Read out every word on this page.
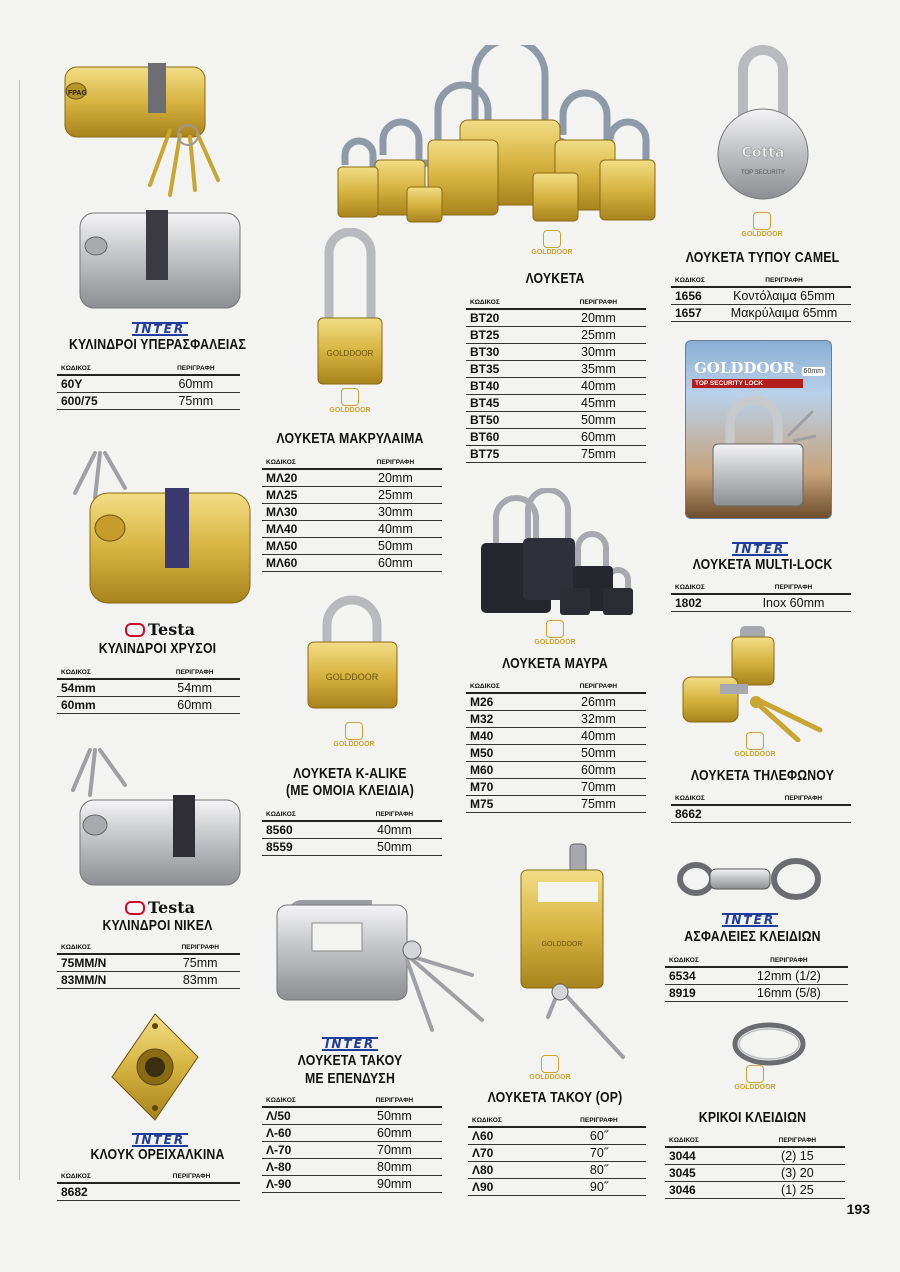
FPAG
INTER
ΚΥΛΙΝΔΡΟΙ ΥΠΕΡΑΣΦΑΛΕΙΑΣ
ΚΩΔΙΚΟΣ	ΠΕΡΙΓΡΑΦΗ
60Y	60mm
600/75	75mm
Testa
ΚΥΛΙΝΔΡΟΙ ΧΡΥΣΟΙ
ΚΩΔΙΚΟΣ	ΠΕΡΙΓΡΑΦΗ
54mm	54mm
60mm	60mm
Testa
ΚΥΛΙΝΔΡΟΙ ΝΙΚΕΛ
ΚΩΔΙΚΟΣ	ΠΕΡΙΓΡΑΦΗ
75MM/N	75mm
83MM/N	83mm
INTER
ΚΛΟΥΚ ΟΡΕΙΧΑΛΚΙΝΑ
ΚΩΔΙΚΟΣ	ΠΕΡΙΓΡΑΦΗ
8682	
GOLDDOOR
GOLDDOOR
ΛΟΥΚΕΤΑ ΜΑΚΡΥΛΑΙΜΑ
ΚΩΔΙΚΟΣ	ΠΕΡΙΓΡΑΦΗ
ΜΛ20	20mm
ΜΛ25	25mm
ΜΛ30	30mm
ΜΛ40	40mm
ΜΛ50	50mm
ΜΛ60	60mm
GOLDDOOR
GOLDDOOR
ΛΟΥΚΕΤΑ K-ALIKE
(ΜΕ ΟΜΟΙΑ ΚΛΕΙΔΙΑ)
ΚΩΔΙΚΟΣ	ΠΕΡΙΓΡΑΦΗ
8560	40mm
8559	50mm
INTER
ΛΟΥΚΕΤΑ ΤΑΚΟΥ
ΜΕ ΕΠΕΝΔΥΣΗ
ΚΩΔΙΚΟΣ	ΠΕΡΙΓΡΑΦΗ
Λ/50	50mm
Λ-60	60mm
Λ-70	70mm
Λ-80	80mm
Λ-90	90mm
GOLDDOOR
ΛΟΥΚΕΤΑ
ΚΩΔΙΚΟΣ	ΠΕΡΙΓΡΑΦΗ
BT20	20mm
BT25	25mm
BT30	30mm
BT35	35mm
BT40	40mm
BT45	45mm
BT50	50mm
BT60	60mm
BT75	75mm
GOLDDOOR
ΛΟΥΚΕΤΑ ΜΑΥΡΑ
ΚΩΔΙΚΟΣ	ΠΕΡΙΓΡΑΦΗ
M26	26mm
M32	32mm
M40	40mm
M50	50mm
M60	60mm
M70	70mm
M75	75mm
GOLDDOOR
GOLDDOOR
ΛΟΥΚΕΤΑ ΤΑΚΟΥ (OP)
ΚΩΔΙΚΟΣ	ΠΕΡΙΓΡΑΦΗ
Λ60	60˝
Λ70	70˝
Λ80	80˝
Λ90	90˝
Cotta
TOP SECURITY
GOLDDOOR
ΛΟΥΚΕΤΑ ΤΥΠΟΥ CAMEL
ΚΩΔΙΚΟΣ	ΠΕΡΙΓΡΑΦΗ
1656	Κοντόλαιμα 65mm
1657	Μακρύλαιμα 65mm
GOLDDOOR
TOP SECURITY LOCK
60mm
INTER
ΛΟΥΚΕΤΑ MULTI-LOCK
ΚΩΔΙΚΟΣ	ΠΕΡΙΓΡΑΦΗ
1802	Inox 60mm
GOLDDOOR
ΛΟΥΚΕΤΑ ΤΗΛΕΦΩΝΟΥ
ΚΩΔΙΚΟΣ	ΠΕΡΙΓΡΑΦΗ
8662	
INTER
ΑΣΦΑΛΕΙΕΣ ΚΛΕΙΔΙΩΝ
ΚΩΔΙΚΟΣ	ΠΕΡΙΓΡΑΦΗ
6534	12mm (1/2)
8919	16mm (5/8)
GOLDDOOR
ΚΡΙΚΟΙ ΚΛΕΙΔΙΩΝ
ΚΩΔΙΚΟΣ	ΠΕΡΙΓΡΑΦΗ
3044	(2) 15
3045	(3) 20
3046	(1) 25
193
